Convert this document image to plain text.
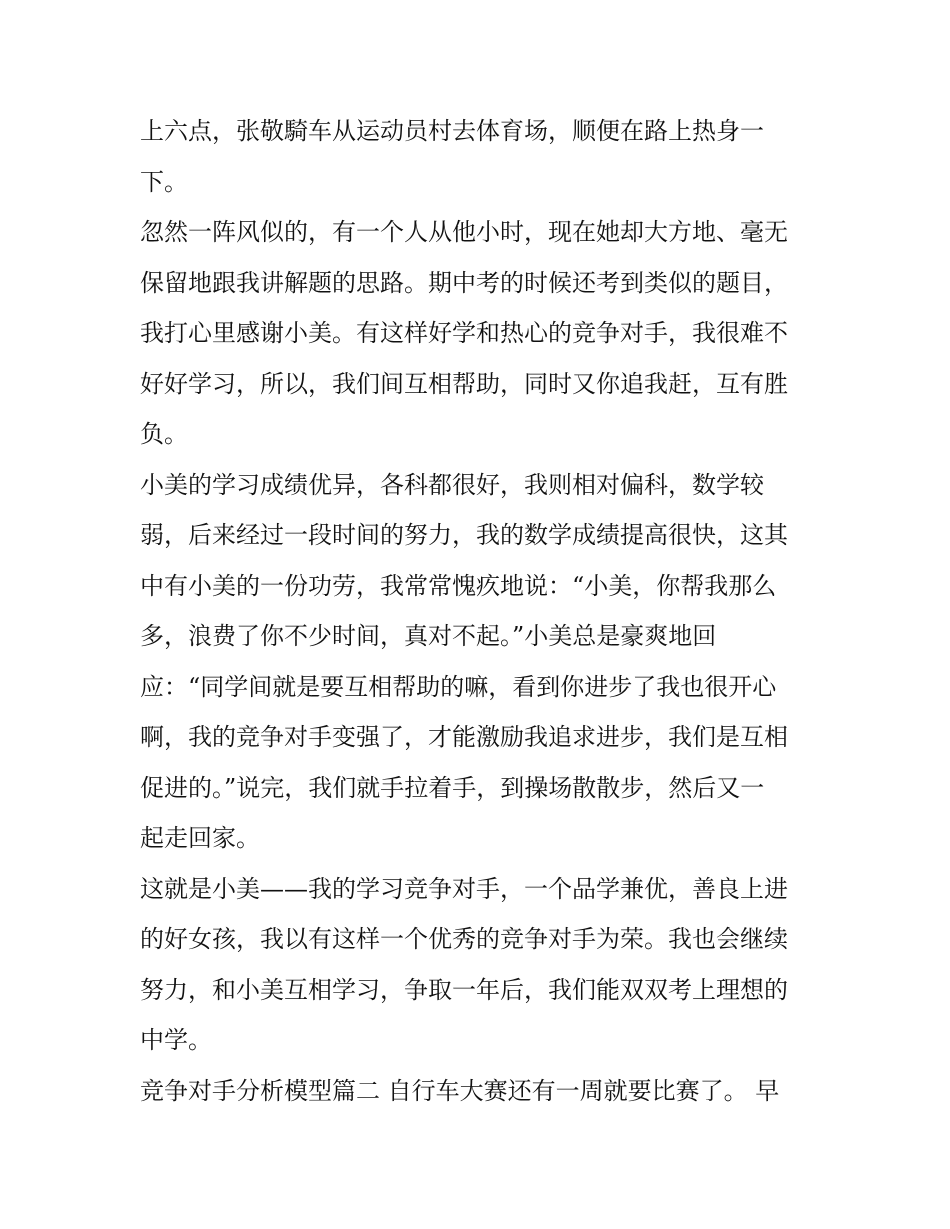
上六点，张敬騎车从运动员村去体育场，顺便在路上热身一
下。
忽然一阵风似的，有一个人从他小时，现在她却大方地、毫无
保留地跟我讲解题的思路。期中考的时候还考到类似的题目，
我打心里感谢小美。有这样好学和热心的竞争对手，我很难不
好好学习，所以，我们间互相帮助，同时又你追我赶，互有胜
负。
小美的学习成绩优异，各科都很好，我则相对偏科，数学较
弱，后来经过一段时间的努力，我的数学成绩提高很快，这其
中有小美的一份功劳，我常常愧疚地说：“小美，你帮我那么
多，浪费了你不少时间，真对不起。”小美总是豪爽地回
应：“同学间就是要互相帮助的嘛，看到你进步了我也很开心
啊，我的竞争对手变强了，才能激励我追求进步，我们是互相
促进的。”说完，我们就手拉着手，到操场散散步，然后又一
起走回家。
这就是小美——我的学习竞争对手，一个品学兼优，善良上进
的好女孩，我以有这样一个优秀的竞争对手为荣。我也会继续
努力，和小美互相学习，争取一年后，我们能双双考上理想的
中学。
竞争对手分析模型篇二 自行车大赛还有一周就要比赛了。 早
